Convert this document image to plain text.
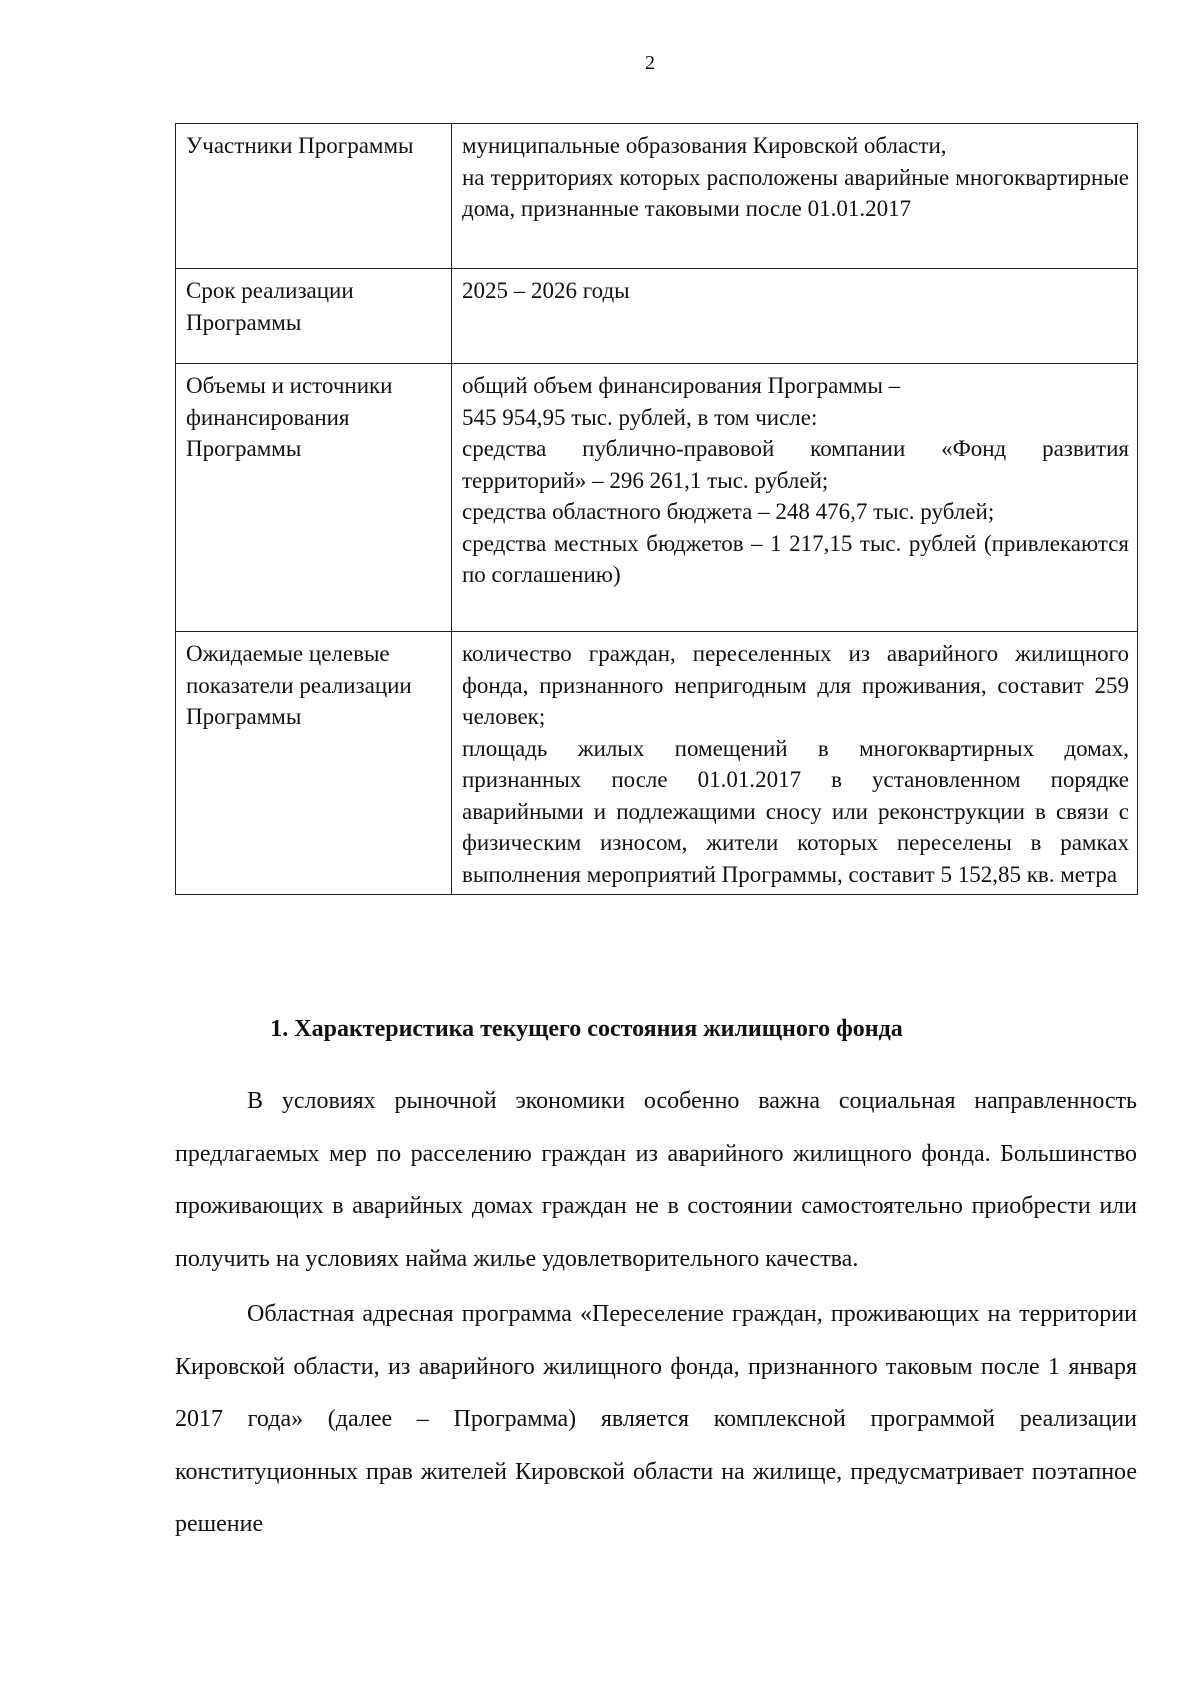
2
Участники Программы	муниципальные образования Кировской области,
на территориях которых расположены аварийные многоквартирные дома, признанные таковыми после 01.01.2017

Срок реализации Программы	2025 – 2026 годы

Объемы и источники финансирования Программы	общий объем финансирования Программы –
545 954,95 тыс. рублей, в том числе:
средства публично-правовой компании «Фонд развития территорий» – 296 261,1 тыс. рублей;
средства областного бюджета – 248 476,7 тыс. рублей;
средства местных бюджетов – 1 217,15 тыс. рублей (привлекаются по соглашению)

Ожидаемые целевые показатели реализации Программы	количество граждан, переселенных из аварийного жилищного фонда, признанного непригодным для проживания, составит 259 человек;
площадь жилых помещений в многоквартирных домах, признанных после 01.01.2017 в установленном порядке аварийными и подлежащими сносу или реконструкции в связи с физическим износом, жители которых переселены в рамках выполнения мероприятий Программы, составит 5 152,85 кв. метра
1. Характеристика текущего состояния жилищного фонда

В условиях рыночной экономики особенно важна социальная направленность предлагаемых мер по расселению граждан из аварийного жилищного фонда. Большинство проживающих в аварийных домах граждан не в состоянии самостоятельно приобрести или получить на условиях найма жилье удовлетворительного качества.

Областная адресная программа «Переселение граждан, проживающих на территории Кировской области, из аварийного жилищного фонда, признанного таковым после 1 января 2017 года» (далее – Программа) является комплексной программой реализации конституционных прав жителей Кировской области на жилище, предусматривает поэтапное решение
